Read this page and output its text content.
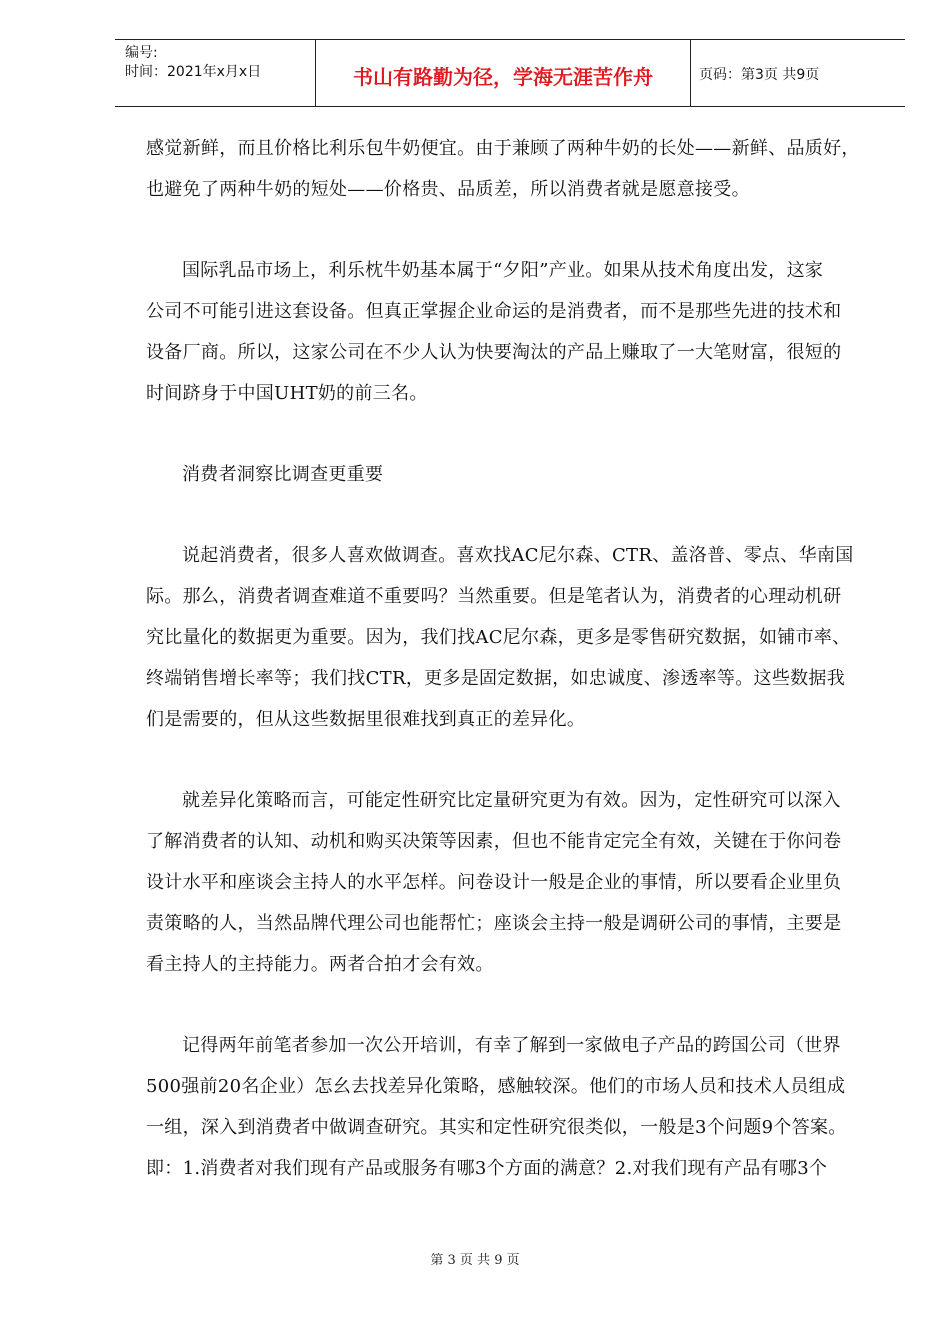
编号:
时间：2021年x月x日	书山有路勤为径，学海无涯苦作舟	页码：第3页 共9页

感觉新鲜，而且价格比利乐包牛奶便宜。由于兼顾了两种牛奶的长处——新鲜、品质好，
也避免了两种牛奶的短处——价格贵、品质差，所以消费者就是愿意接受。

国际乳品市场上，利乐枕牛奶基本属于“夕阳”产业。如果从技术角度出发，这家
公司不可能引进这套设备。但真正掌握企业命运的是消费者，而不是那些先进的技术和
设备厂商。所以，这家公司在不少人认为快要淘汰的产品上赚取了一大笔财富，很短的
时间跻身于中国UHT奶的前三名。

消费者洞察比调查更重要

说起消费者，很多人喜欢做调查。喜欢找AC尼尔森、CTR、盖洛普、零点、华南国
际。那么，消费者调查难道不重要吗？当然重要。但是笔者认为，消费者的心理动机研
究比量化的数据更为重要。因为，我们找AC尼尔森，更多是零售研究数据，如铺市率、
终端销售增长率等；我们找CTR，更多是固定数据，如忠诚度、渗透率等。这些数据我
们是需要的，但从这些数据里很难找到真正的差异化。

就差异化策略而言，可能定性研究比定量研究更为有效。因为，定性研究可以深入
了解消费者的认知、动机和购买决策等因素，但也不能肯定完全有效，关键在于你问卷
设计水平和座谈会主持人的水平怎样。问卷设计一般是企业的事情，所以要看企业里负
责策略的人，当然品牌代理公司也能帮忙；座谈会主持一般是调研公司的事情，主要是
看主持人的主持能力。两者合拍才会有效。

记得两年前笔者参加一次公开培训，有幸了解到一家做电子产品的跨国公司（世界
500强前20名企业）怎幺去找差异化策略，感触较深。他们的市场人员和技术人员组成
一组，深入到消费者中做调查研究。其实和定性研究很类似，一般是3个问题9个答案。
即：1.消费者对我们现有产品或服务有哪3个方面的满意？2.对我们现有产品有哪3个

第 3 页 共 9 页
